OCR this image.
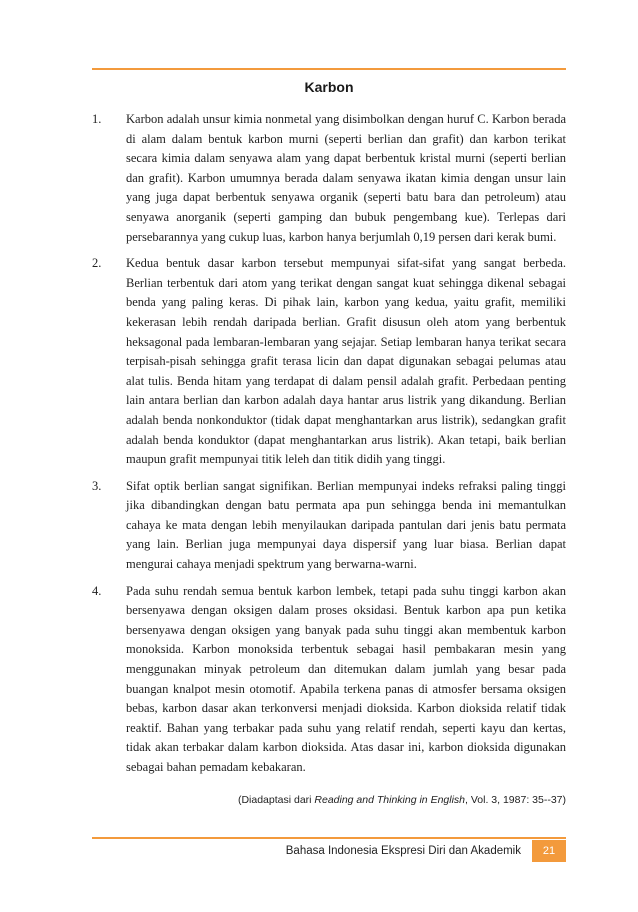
Karbon
1. Karbon adalah unsur kimia nonmetal yang disimbolkan dengan huruf C. Karbon berada di alam dalam bentuk karbon murni (seperti berlian dan grafit) dan karbon terikat secara kimia dalam senyawa alam yang dapat berbentuk kristal murni (seperti berlian dan grafit). Karbon umumnya berada dalam senyawa ikatan kimia dengan unsur lain yang juga dapat berbentuk senyawa organik (seperti batu bara dan petroleum) atau senyawa anorganik (seperti gamping dan bubuk pengembang kue). Terlepas dari persebarannya yang cukup luas, karbon hanya berjumlah 0,19 persen dari kerak bumi.
2. Kedua bentuk dasar karbon tersebut mempunyai sifat-sifat yang sangat berbeda. Berlian terbentuk dari atom yang terikat dengan sangat kuat sehingga dikenal sebagai benda yang paling keras. Di pihak lain, karbon yang kedua, yaitu grafit, memiliki kekerasan lebih rendah daripada berlian. Grafit disusun oleh atom yang berbentuk heksagonal pada lembaran-lembaran yang sejajar. Setiap lembaran hanya terikat secara terpisah-pisah sehingga grafit terasa licin dan dapat digunakan sebagai pelumas atau alat tulis. Benda hitam yang terdapat di dalam pensil adalah grafit. Perbedaan penting lain antara berlian dan karbon adalah daya hantar arus listrik yang dikandung. Berlian adalah benda nonkonduktor (tidak dapat menghantarkan arus listrik), sedangkan grafit adalah benda konduktor (dapat menghantarkan arus listrik). Akan tetapi, baik berlian maupun grafit mempunyai titik leleh dan titik didih yang tinggi.
3. Sifat optik berlian sangat signifikan. Berlian mempunyai indeks refraksi paling tinggi jika dibandingkan dengan batu permata apa pun sehingga benda ini memantulkan cahaya ke mata dengan lebih menyilaukan daripada pantulan dari jenis batu permata yang lain. Berlian juga mempunyai daya dispersif yang luar biasa. Berlian dapat mengurai cahaya menjadi spektrum yang berwarna-warni.
4. Pada suhu rendah semua bentuk karbon lembek, tetapi pada suhu tinggi karbon akan bersenyawa dengan oksigen dalam proses oksidasi. Bentuk karbon apa pun ketika bersenyawa dengan oksigen yang banyak pada suhu tinggi akan membentuk karbon monoksida. Karbon monoksida terbentuk sebagai hasil pembakaran mesin yang menggunakan minyak petroleum dan ditemukan dalam jumlah yang besar pada buangan knalpot mesin otomotif. Apabila terkena panas di atmosfer bersama oksigen bebas, karbon dasar akan terkonversi menjadi dioksida. Karbon dioksida relatif tidak reaktif. Bahan yang terbakar pada suhu yang relatif rendah, seperti kayu dan kertas, tidak akan terbakar dalam karbon dioksida. Atas dasar ini, karbon dioksida digunakan sebagai bahan pemadam kebakaran.
(Diadaptasi dari Reading and Thinking in English, Vol. 3, 1987: 35--37)
Bahasa Indonesia Ekspresi Diri dan Akademik	21
